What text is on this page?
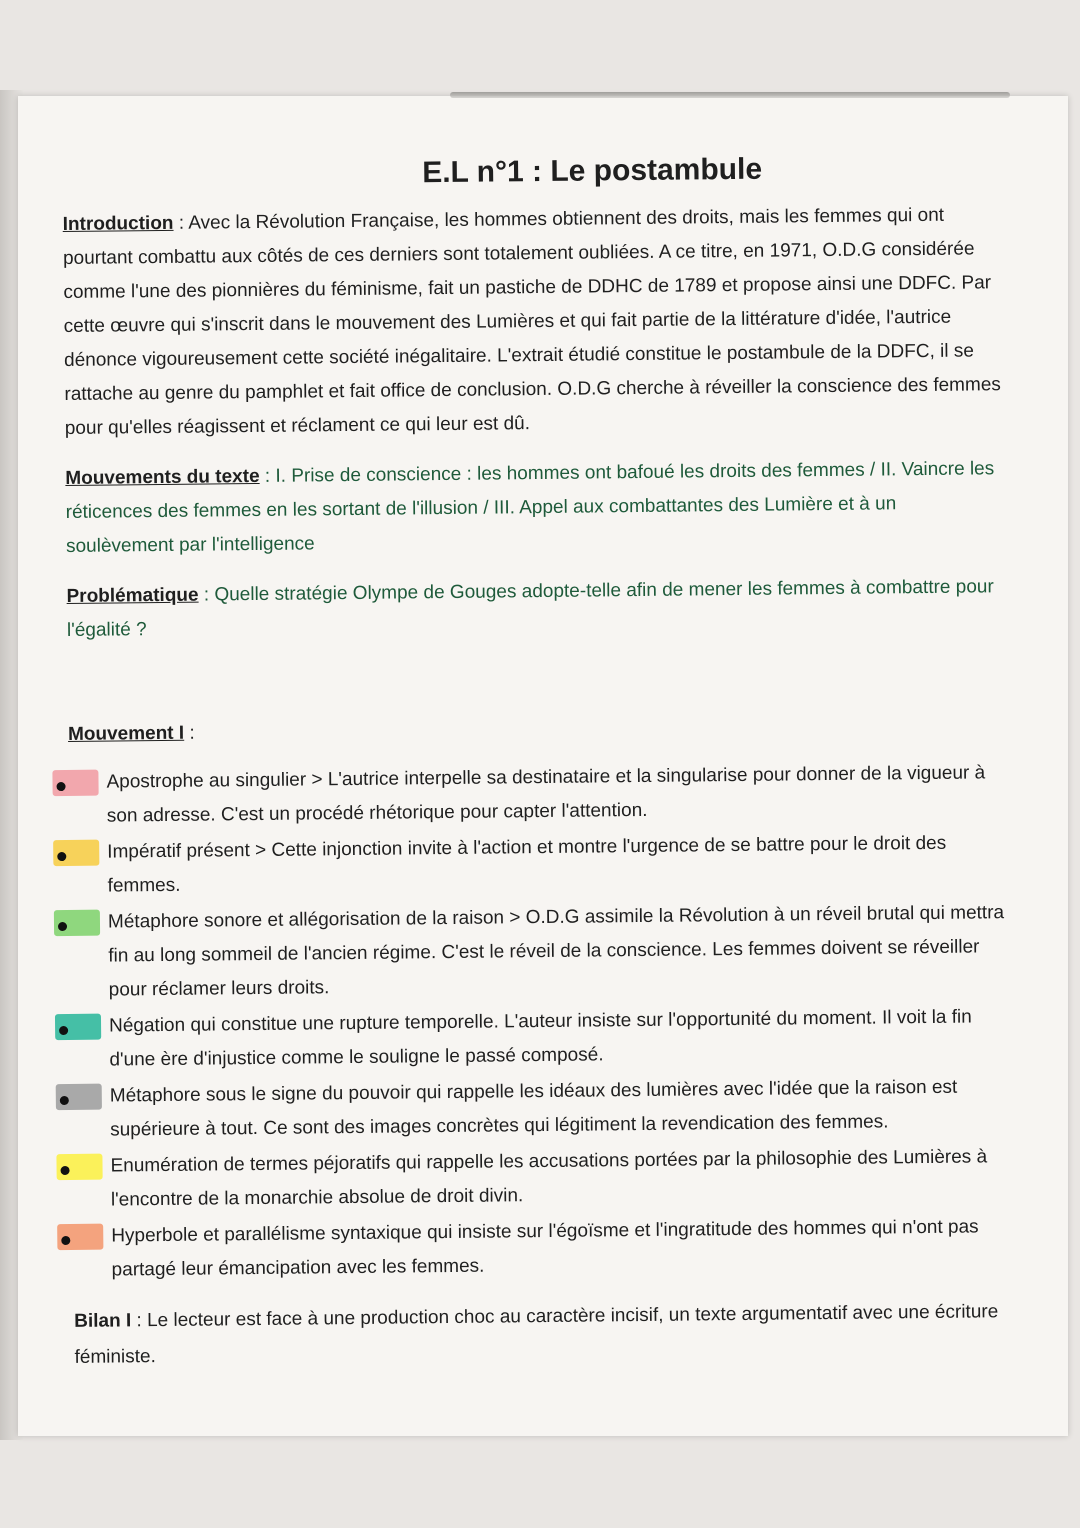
E.L n°1 : Le postambule

Introduction : Avec la Révolution Française, les hommes obtiennent des droits, mais les femmes qui ont pourtant combattu aux côtés de ces derniers sont totalement oubliées. A ce titre, en 1971, O.D.G considérée comme l'une des pionnières du féminisme, fait un pastiche de DDHC de 1789 et propose ainsi une DDFC. Par cette œuvre qui s'inscrit dans le mouvement des Lumières et qui fait partie de la littérature d'idée, l'autrice dénonce vigoureusement cette société inégalitaire. L'extrait étudié constitue le postambule de la DDFC, il se rattache au genre du pamphlet et fait office de conclusion. O.D.G cherche à réveiller la conscience des femmes pour qu'elles réagissent et réclament ce qui leur est dû.

Mouvements du texte : I. Prise de conscience : les hommes ont bafoué les droits des femmes / II. Vaincre les réticences des femmes en les sortant de l'illusion / III. Appel aux combattantes des Lumière et à un soulèvement par l'intelligence

Problématique : Quelle stratégie Olympe de Gouges adopte-telle afin de mener les femmes à combattre pour l'égalité ?

Mouvement I :

Apostrophe au singulier > L'autrice interpelle sa destinataire et la singularise pour donner de la vigueur à son adresse. C'est un procédé rhétorique pour capter l'attention.
Impératif présent > Cette injonction invite à l'action et montre l'urgence de se battre pour le droit des femmes.
Métaphore sonore et allégorisation de la raison > O.D.G assimile la Révolution à un réveil brutal qui mettra fin au long sommeil de l'ancien régime. C'est le réveil de la conscience. Les femmes doivent se réveiller pour réclamer leurs droits.
Négation qui constitue une rupture temporelle. L'auteur insiste sur l'opportunité du moment. Il voit la fin d'une ère d'injustice comme le souligne le passé composé.
Métaphore sous le signe du pouvoir qui rappelle les idéaux des lumières avec l'idée que la raison est supérieure à tout. Ce sont des images concrètes qui légitiment la revendication des femmes.
Enumération de termes péjoratifs qui rappelle les accusations portées par la philosophie des Lumières à l'encontre de la monarchie absolue de droit divin.
Hyperbole et parallélisme syntaxique qui insiste sur l'égoïsme et l'ingratitude des hommes qui n'ont pas partagé leur émancipation avec les femmes.

Bilan I : Le lecteur est face à une production choc au caractère incisif, un texte argumentatif avec une écriture féministe.
